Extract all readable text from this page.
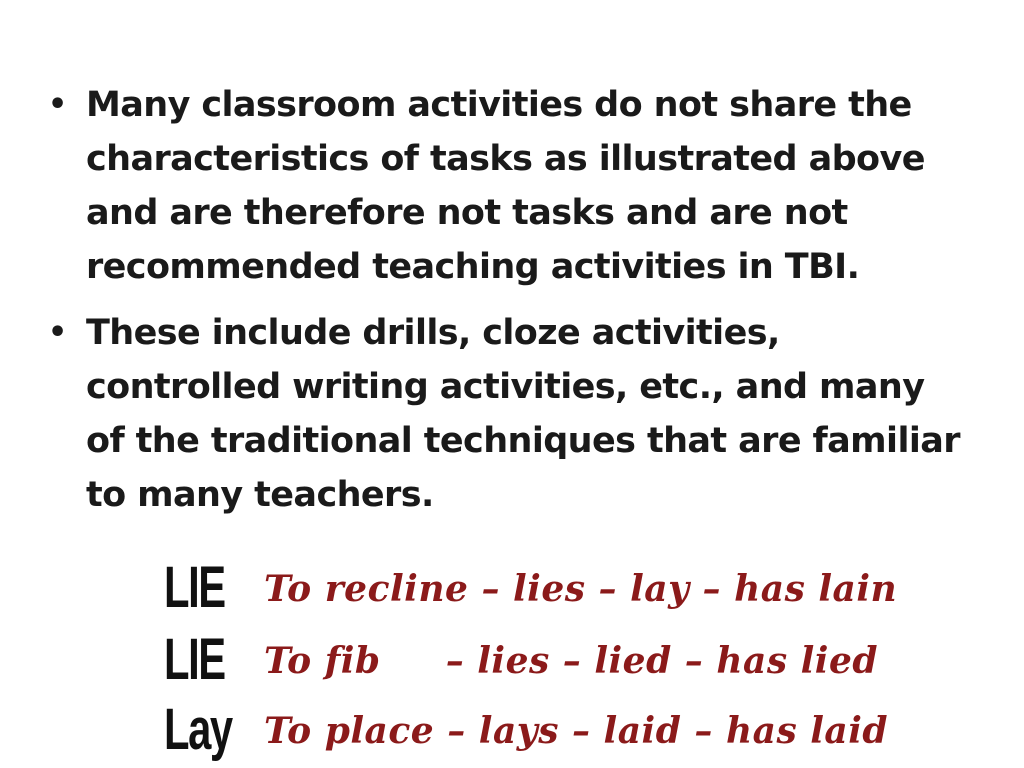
• Many classroom activities do not share the
characteristics of tasks as illustrated above
and are therefore not tasks and are not
recommended teaching activities in TBI.
• These include drills, cloze activities,
controlled writing activities, etc., and many
of the traditional techniques that are familiar
to many teachers.
LIE To recline – lies – lay – has lain
LIE To fib     – lies – lied – has lied
Lay To place – lays – laid – has laid
